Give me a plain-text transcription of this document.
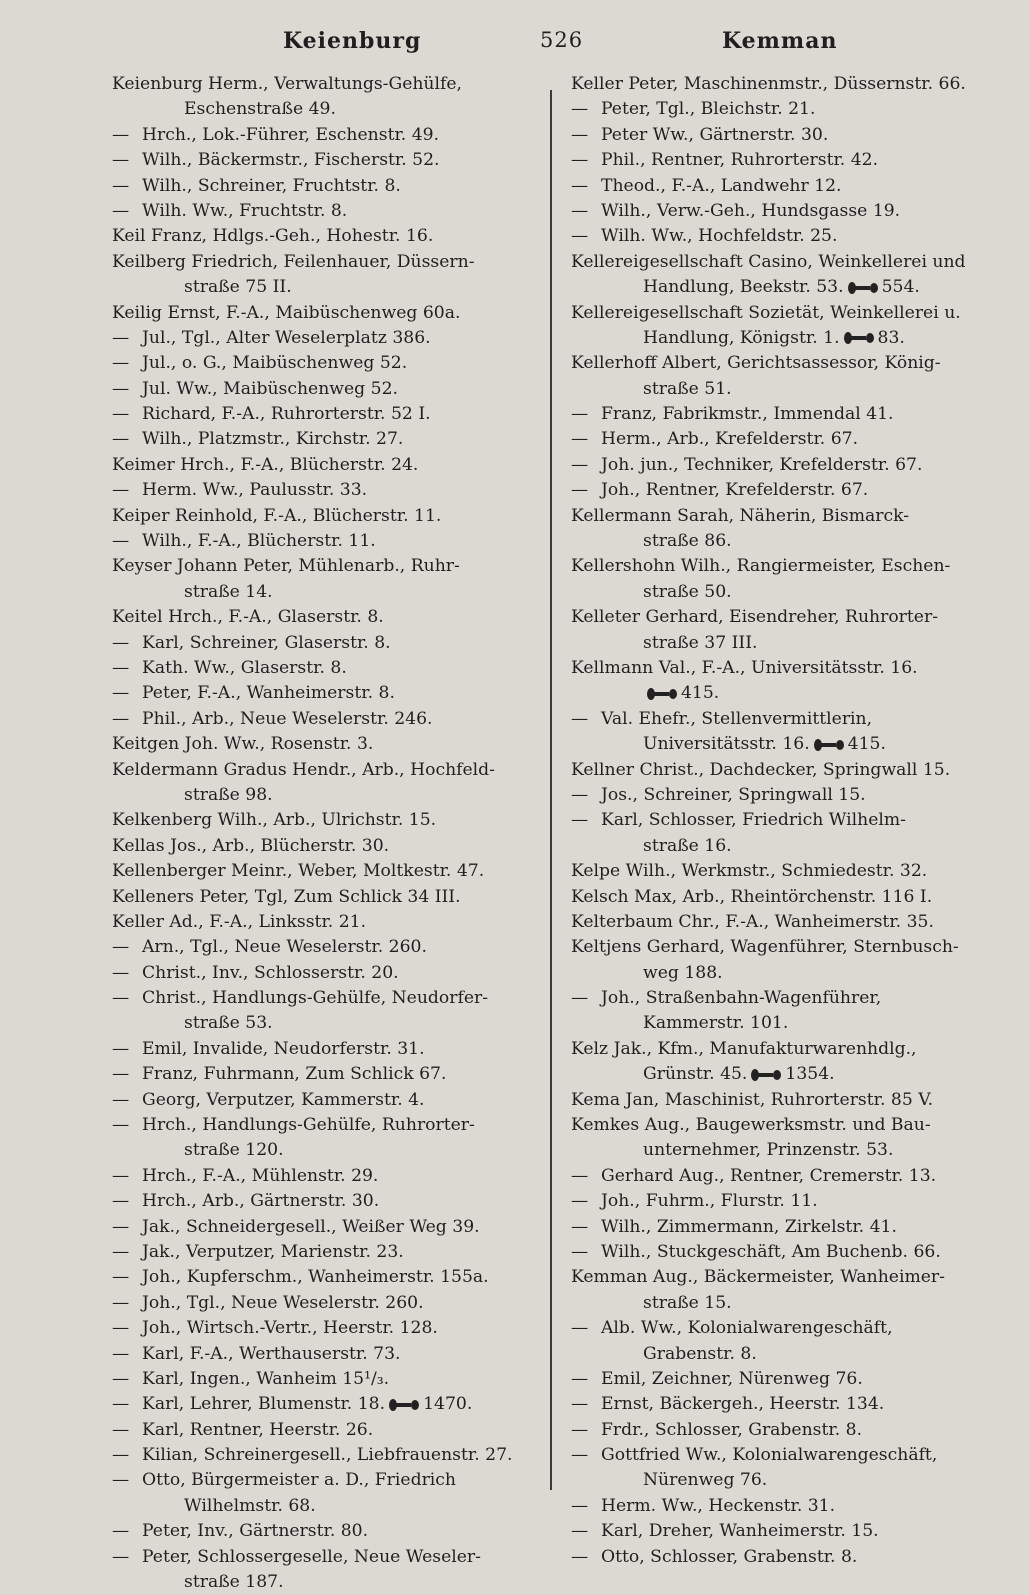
Keienburg	526	Kemman
Keienburg Herm., Verwaltungs-Gehülfe,
Eschenstraße 49.
— Hrch., Lok.-Führer, Eschenstr. 49.
— Wilh., Bäckermstr., Fischerstr. 52.
— Wilh., Schreiner, Fruchtstr. 8.
— Wilh. Ww., Fruchtstr. 8.
Keil Franz, Hdlgs.-Geh., Hohestr. 16.
Keilberg Friedrich, Feilenhauer, Düssern-
straße 75 II.
Keilig Ernst, F.-A., Maibüschenweg 60a.
— Jul., Tgl., Alter Weselerplatz 386.
— Jul., o. G., Maibüschenweg 52.
— Jul. Ww., Maibüschenweg 52.
— Richard, F.-A., Ruhrorterstr. 52 I.
— Wilh., Platzmstr., Kirchstr. 27.
Keimer Hrch., F.-A., Blücherstr. 24.
— Herm. Ww., Paulusstr. 33.
Keiper Reinhold, F.-A., Blücherstr. 11.
— Wilh., F.-A., Blücherstr. 11.
Keyser Johann Peter, Mühlenarb., Ruhr-
straße 14.
Keitel Hrch., F.-A., Glaserstr. 8.
— Karl, Schreiner, Glaserstr. 8.
— Kath. Ww., Glaserstr. 8.
— Peter, F.-A., Wanheimerstr. 8.
— Phil., Arb., Neue Weselerstr. 246.
Keitgen Joh. Ww., Rosenstr. 3.
Keldermann Gradus Hendr., Arb., Hochfeld-
straße 98.
Kelkenberg Wilh., Arb., Ulrichstr. 15.
Kellas Jos., Arb., Blücherstr. 30.
Kellenberger Meinr., Weber, Moltkestr. 47.
Kelleners Peter, Tgl, Zum Schlick 34 III.
Keller Ad., F.-A., Linksstr. 21.
— Arn., Tgl., Neue Weselerstr. 260.
— Christ., Inv., Schlosserstr. 20.
— Christ., Handlungs-Gehülfe, Neudorfer-
straße 53.
— Emil, Invalide, Neudorferstr. 31.
— Franz, Fuhrmann, Zum Schlick 67.
— Georg, Verputzer, Kammerstr. 4.
— Hrch., Handlungs-Gehülfe, Ruhrorter-
straße 120.
— Hrch., F.-A., Mühlenstr. 29.
— Hrch., Arb., Gärtnerstr. 30.
— Jak., Schneidergesell., Weißer Weg 39.
— Jak., Verputzer, Marienstr. 23.
— Joh., Kupferschm., Wanheimerstr. 155a.
— Joh., Tgl., Neue Weselerstr. 260.
— Joh., Wirtsch.-Vertr., Heerstr. 128.
— Karl, F.-A., Werthauserstr. 73.
— Karl, Ingen., Wanheim 15¹/₃.
— Karl, Lehrer, Blumenstr. 18. 1470.
— Karl, Rentner, Heerstr. 26.
— Kilian, Schreinergesell., Liebfrauenstr. 27.
— Otto, Bürgermeister a. D., Friedrich
Wilhelmstr. 68.
— Peter, Inv., Gärtnerstr. 80.
— Peter, Schlossergeselle, Neue Weseler-
straße 187.
Keller Peter, Maschinenmstr., Düssernstr. 66.
— Peter, Tgl., Bleichstr. 21.
— Peter Ww., Gärtnerstr. 30.
— Phil., Rentner, Ruhrorterstr. 42.
— Theod., F.-A., Landwehr 12.
— Wilh., Verw.-Geh., Hundsgasse 19.
— Wilh. Ww., Hochfeldstr. 25.
Kellereigesellschaft Casino, Weinkellerei und
Handlung, Beekstr. 53. 554.
Kellereigesellschaft Sozietät, Weinkellerei u.
Handlung, Königstr. 1. 83.
Kellerhoff Albert, Gerichtsassessor, König-
straße 51.
— Franz, Fabrikmstr., Immendal 41.
— Herm., Arb., Krefelderstr. 67.
— Joh. jun., Techniker, Krefelderstr. 67.
— Joh., Rentner, Krefelderstr. 67.
Kellermann Sarah, Näherin, Bismarck-
straße 86.
Kellershohn Wilh., Rangiermeister, Eschen-
straße 50.
Kelleter Gerhard, Eisendreher, Ruhrorter-
straße 37 III.
Kellmann Val., F.-A., Universitätsstr. 16.
415.
— Val. Ehefr., Stellenvermittlerin,
Universitätsstr. 16. 415.
Kellner Christ., Dachdecker, Springwall 15.
— Jos., Schreiner, Springwall 15.
— Karl, Schlosser, Friedrich Wilhelm-
straße 16.
Kelpe Wilh., Werkmstr., Schmiedestr. 32.
Kelsch Max, Arb., Rheintörchenstr. 116 I.
Kelterbaum Chr., F.-A., Wanheimerstr. 35.
Keltjens Gerhard, Wagenführer, Sternbusch-
weg 188.
— Joh., Straßenbahn-Wagenführer,
Kammerstr. 101.
Kelz Jak., Kfm., Manufakturwarenhdlg.,
Grünstr. 45. 1354.
Kema Jan, Maschinist, Ruhrorterstr. 85 V.
Kemkes Aug., Baugewerksmstr. und Bau-
unternehmer, Prinzenstr. 53.
— Gerhard Aug., Rentner, Cremerstr. 13.
— Joh., Fuhrm., Flurstr. 11.
— Wilh., Zimmermann, Zirkelstr. 41.
— Wilh., Stuckgeschäft, Am Buchenb. 66.
Kemman Aug., Bäckermeister, Wanheimer-
straße 15.
— Alb. Ww., Kolonialwarengeschäft,
Grabenstr. 8.
— Emil, Zeichner, Nürenweg 76.
— Ernst, Bäckergeh., Heerstr. 134.
— Frdr., Schlosser, Grabenstr. 8.
— Gottfried Ww., Kolonialwarengeschäft,
Nürenweg 76.
— Herm. Ww., Heckenstr. 31.
— Karl, Dreher, Wanheimerstr. 15.
— Otto, Schlosser, Grabenstr. 8.
